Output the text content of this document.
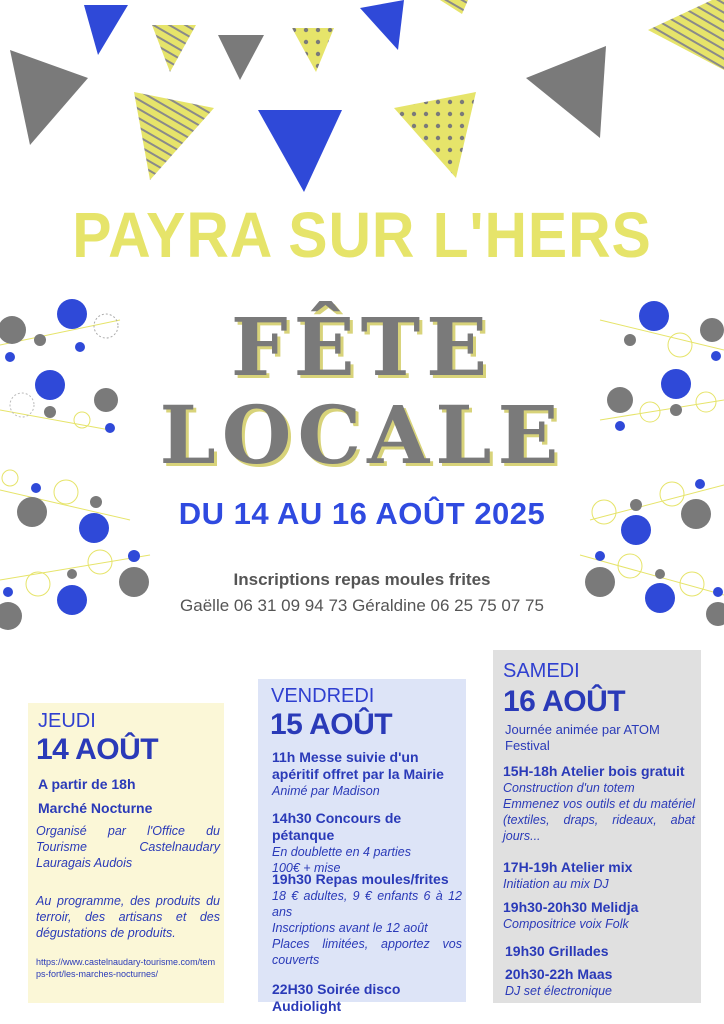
PAYRA SUR L'HERS
FÊTE
LOCALE
DU 14 AU 16 AOÛT 2025
Inscriptions repas moules frites
Gaëlle 06 31 09 94 73 Géraldine 06 25 75 07 75
JEUDI
14 AOÛT
A partir de 18h
Marché Nocturne
Organisé par l'Office du Tourisme Castelnaudary Lauragais Audois
Au programme, des produits du terroir, des artisans et des dégustations de produits.
https://www.castelnaudary-tourisme.com/temps-fort/les-marches-nocturnes/
VENDREDI
15 AOÛT
11h Messe suivie d'un apéritif offret par la Mairie
Animé par Madison
14h30 Concours de pétanque
En doublette en 4 parties
100€ + mise
19h30 Repas moules/frites
18 € adultes, 9 € enfants 6 à 12 ans
Inscriptions avant le 12 août
Places limitées, apportez vos couverts
22H30 Soirée disco Audiolight
SAMEDI
16 AOÛT
Journée animée par ATOM Festival
15H-18h Atelier bois gratuit
Construction d'un totem
Emmenez vos outils et du matériel (textiles, draps, rideaux, abat jours...
17H-19h Atelier mix
Initiation au mix DJ
19h30-20h30 Melidja
Compositrice voix Folk
19h30 Grillades
20h30-22h Maas
DJ set électronique
